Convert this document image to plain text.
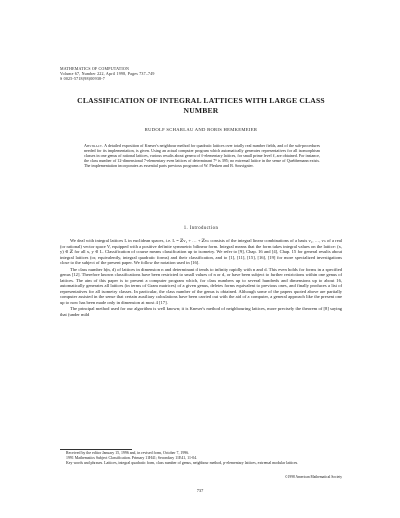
MATHEMATICS OF COMPUTATION
Volume 67, Number 222, April 1998, Pages 737–749
S 0025-5718(98)00938-7
CLASSIFICATION OF INTEGRAL LATTICES WITH LARGE CLASS NUMBER
RUDOLF SCHARLAU AND BORIS HEMKEMEIER
Abstract. A detailed exposition of Kneser's neighbour method for quadratic lattices over totally real number fields, and of the sub-procedures needed for its implementation, is given. Using an actual computer program which automatically generates representatives for all isomorphism classes in one genus of rational lattices, various results about genera of ℓ-elementary lattices, for small prime level ℓ, are obtained. For instance, the class number of 12-dimensional 7-elementary even lattices of determinant 7⁶ is 395; no extremal lattice in the sense of Quebbemann exists. The implementation incorporates as essential parts previous programs of W. Plesken and B. Souvignier.
1. Introduction

We deal with integral lattices L in euclidean spaces, i.e. L = ℤv₁ + … + ℤvₙ consists of the integral linear combinations of a basis v₁, …, vₙ of a real (or rational) vector space V, equipped with a positive definite symmetric bilinear form. Integral means that the form takes integral values on the lattice: (x, y) ∈ ℤ for all x, y ∈ L. Classification of course means classification up to isometry. We refer to [9], Chap. 16 and [4], Chap. 15 for general results about integral lattices (or, equivalently, integral quadratic forms) and their classification, and to [1], [11], [15], [16], [19] for more specialized investigations close to the subject of the present paper. We follow the notation used in [16].

The class number h(n, d) of lattices in dimension n and determinant d tends to infinity rapidly with n and d. This even holds for forms in a specified genus [12]. Therefore known classifications have been restricted to small values of n or d, or have been subject to further restrictions within one genus of lattices. The aim of this paper is to present a computer program which, for class numbers up to several hundreds and dimensions up to about 16, automatically generates all lattices (in terms of Gram matrices) of a given genus, deletes forms equivalent to previous ones, and finally produces a list of representatives for all isometry classes. In particular, the class number of the genus is obtained. Although some of the papers quoted above are partially computer assisted in the sense that certain auxiliary calculations have been carried out with the aid of a computer, a general approach like the present one up to now has been made only in dimension at most 4 [17].

The principal method used for our algorithm is well known; it is Kneser's method of neighbouring lattices, more precisely the theorem of [8] saying that (under mild

Received by the editor January 15, 1996 and, in revised form, October 7, 1996.
1991 Mathematics Subject Classification. Primary 11H41; Secondary 11E41, 11-04.
Key words and phrases. Lattices, integral quadratic form, class number of genus, neighbour method, p-elementary lattices, extremal modular lattices.
©1998 American Mathematical Society
737
